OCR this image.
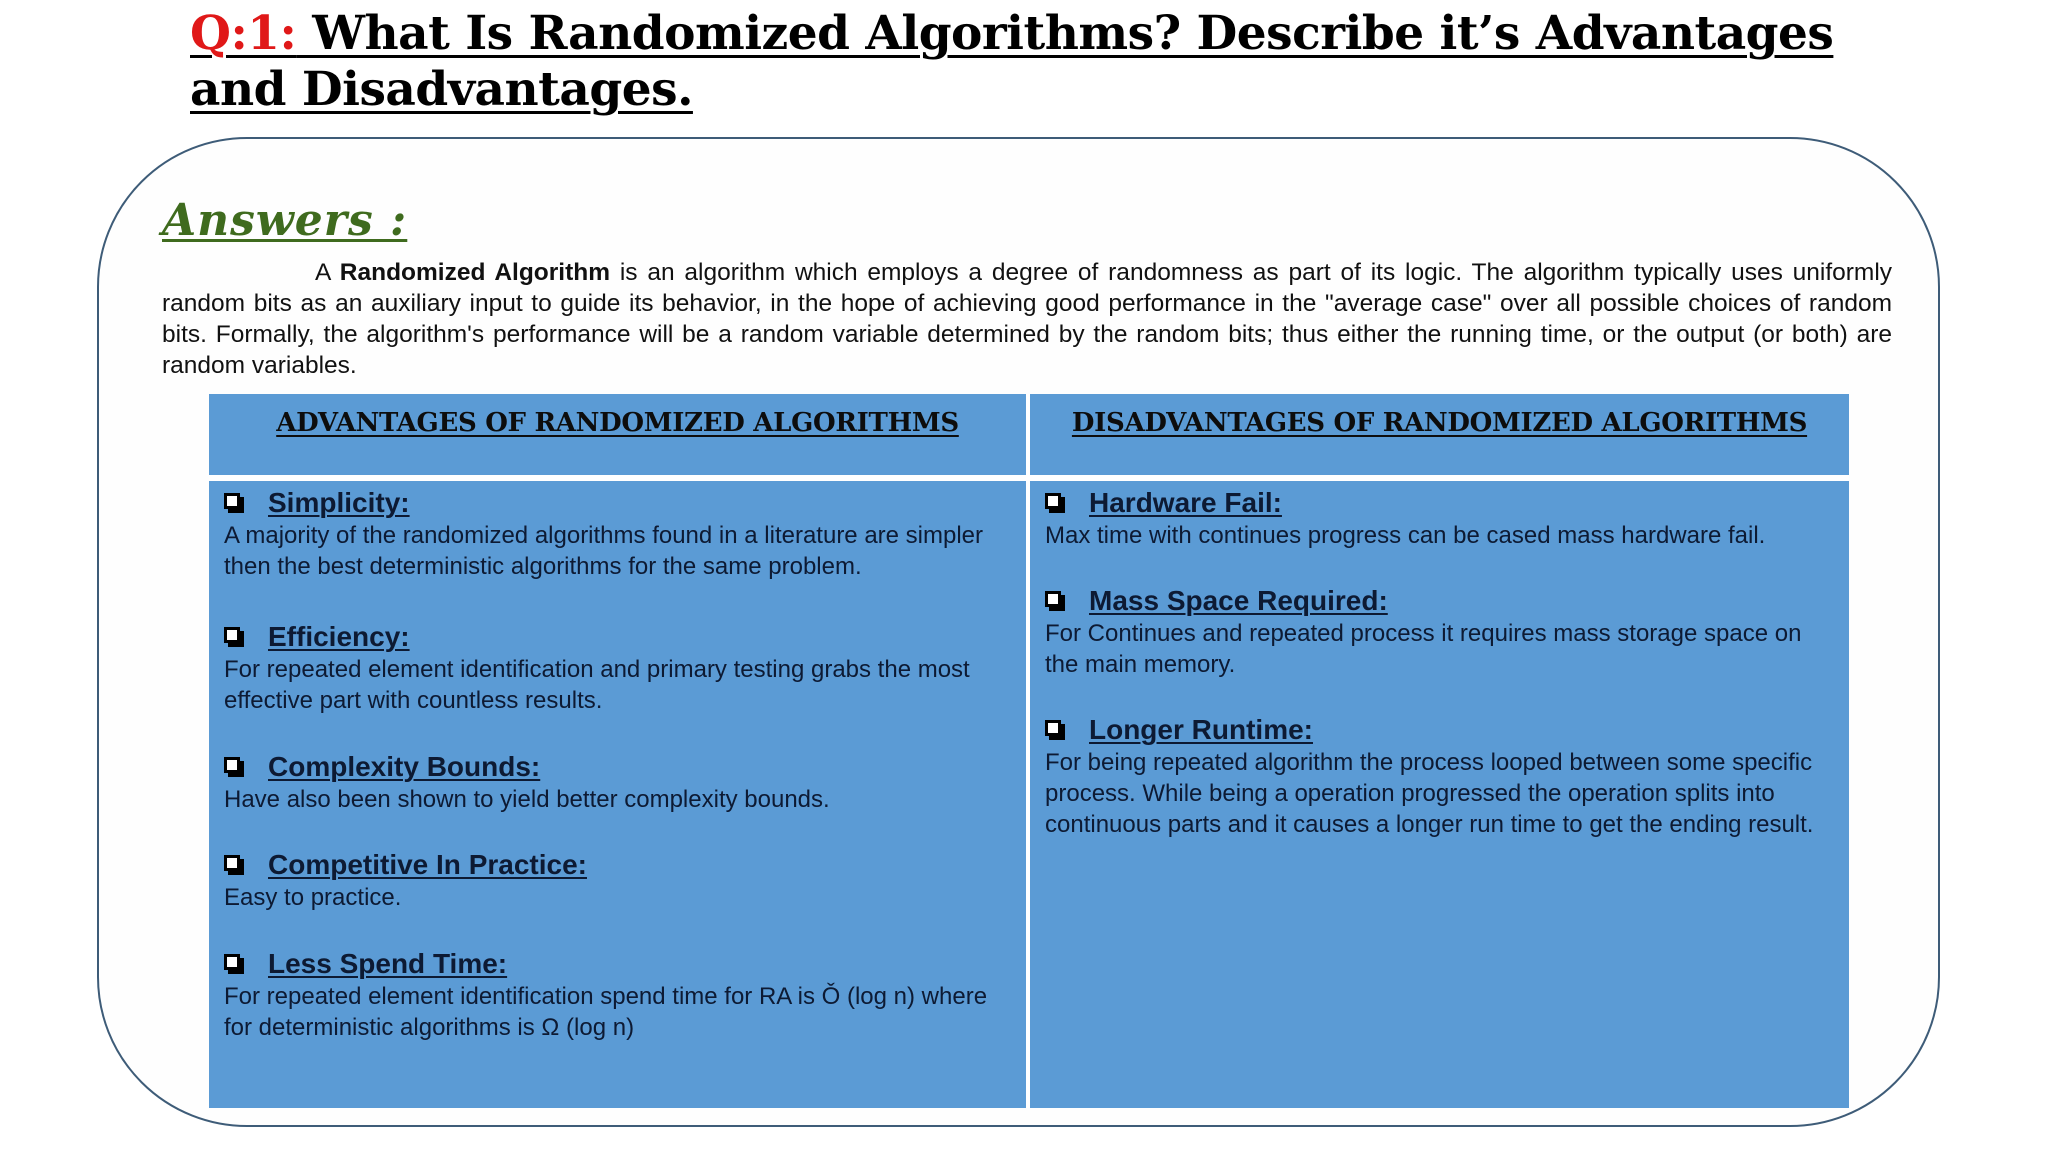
Q:1: What Is Randomized Algorithms? Describe it’s Advantages and Disadvantages.
Answers :
A Randomized Algorithm is an algorithm which employs a degree of randomness as part of its logic. The algorithm typically uses uniformly random bits as an auxiliary input to guide its behavior, in the hope of achieving good performance in the "average case" over all possible choices of random bits. Formally, the algorithm's performance will be a random variable determined by the random bits; thus either the running time, or the output (or both) are random variables.
ADVANTAGES OF RANDOMIZED ALGORITHMS	DISADVANTAGES OF RANDOMIZED ALGORITHMS
Simplicity:
A majority of the randomized algorithms found in a literature are simpler then the best deterministic algorithms for the same problem.
Efficiency:
For repeated element identification and primary testing grabs the most effective part with countless results.
Complexity Bounds:
Have also been shown to yield better complexity bounds.
Competitive In Practice:
Easy to practice.
Less Spend Time:
For repeated element identification spend time for RA is Ǒ (log n) where for deterministic algorithms is Ω (log n)
Hardware Fail:
Max time with continues progress can be cased mass hardware fail.
Mass Space Required:
For Continues and repeated process it requires mass storage space on the main memory.
Longer Runtime:
For being repeated algorithm the process looped between some specific process. While being a operation progressed the operation splits into continuous parts and it causes a longer run time to get the ending result.
